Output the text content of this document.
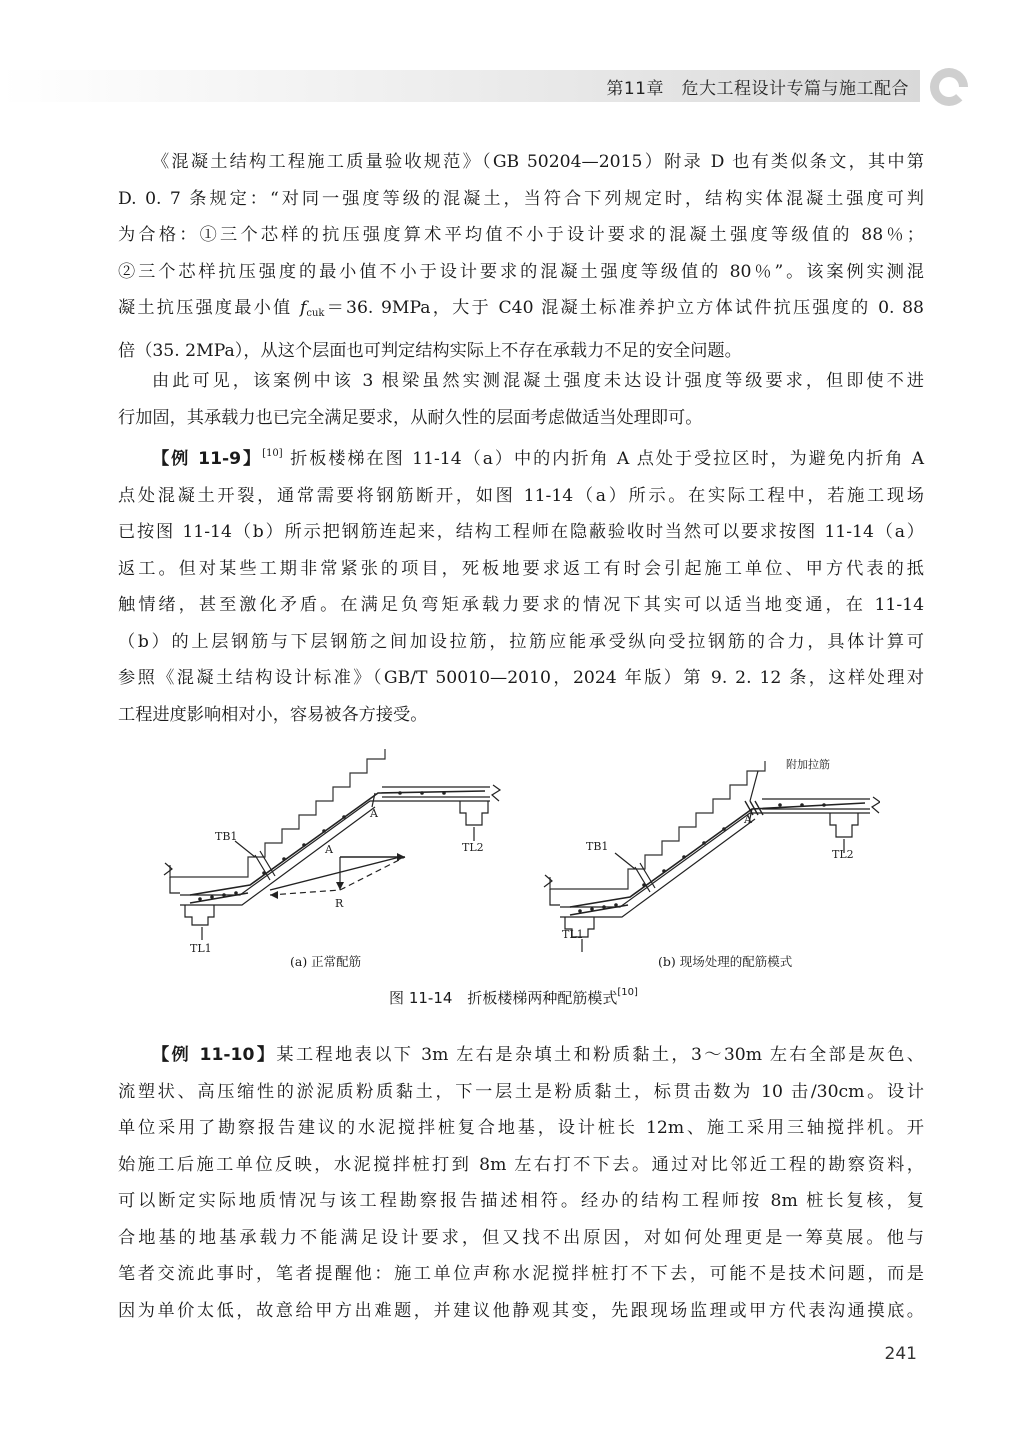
第11章　危大工程设计专篇与施工配合
《混凝土结构工程施工质量验收规范》（GB 50204—2015）附录 D 也有类似条文，其中第
D. 0. 7 条规定：“对同一强度等级的混凝土，当符合下列规定时，结构实体混凝土强度可判
为合格：①三个芯样的抗压强度算术平均值不小于设计要求的混凝土强度等级值的 88％；
②三个芯样抗压强度的最小值不小于设计要求的混凝土强度等级值的 80％”。该案例实测混
凝土抗压强度最小值 $f_{cuk}=36$. 9MPa，大于 C40 混凝土标准养护立方体试件抗压强度的 0. 88
倍（35. 2MPa），从这个层面也可判定结构实际上不存在承载力不足的安全问题。
由此可见，该案例中该 3 根梁虽然实测混凝土强度未达设计强度等级要求，但即使不进
行加固，其承载力也已完全满足要求，从耐久性的层面考虑做适当处理即可。
【例 11-9】[10] 折板楼梯在图 11-14（a）中的内折角 A 点处于受拉区时，为避免内折角 A
点处混凝土开裂，通常需要将钢筋断开，如图 11-14（a）所示。在实际工程中，若施工现场
已按图 11-14（b）所示把钢筋连起来，结构工程师在隐蔽验收时当然可以要求按图 11-14（a）
返工。但对某些工期非常紧张的项目，死板地要求返工有时会引起施工单位、甲方代表的抵
触情绪，甚至激化矛盾。在满足负弯矩承载力要求的情况下其实可以适当地变通，在 11-14
（b）的上层钢筋与下层钢筋之间加设拉筋，拉筋应能承受纵向受拉钢筋的合力，具体计算可
参照《混凝土结构设计标准》（GB/T 50010—2010，2024 年版）第 9. 2. 12 条，这样处理对
工程进度影响相对小，容易被各方接受。
TB1
TL1
TL2
A
A
R
TB1
TL1
TL2
A
附加拉筋
(a) 正常配筋	(b) 现场处理的配筋模式
图 11-14　折板楼梯两种配筋模式[10]
【例 11-10】某工程地表以下 3m 左右是杂填土和粉质黏土，3～30m 左右全部是灰色、
流塑状、高压缩性的淤泥质粉质黏土，下一层土是粉质黏土，标贯击数为 10 击/30cm。设计
单位采用了勘察报告建议的水泥搅拌桩复合地基，设计桩长 12m、施工采用三轴搅拌机。开
始施工后施工单位反映，水泥搅拌桩打到 8m 左右打不下去。通过对比邻近工程的勘察资料，
可以断定实际地质情况与该工程勘察报告描述相符。经办的结构工程师按 8m 桩长复核，复
合地基的地基承载力不能满足设计要求，但又找不出原因，对如何处理更是一筹莫展。他与
笔者交流此事时，笔者提醒他：施工单位声称水泥搅拌桩打不下去，可能不是技术问题，而是
因为单价太低，故意给甲方出难题，并建议他静观其变，先跟现场监理或甲方代表沟通摸底。
241
